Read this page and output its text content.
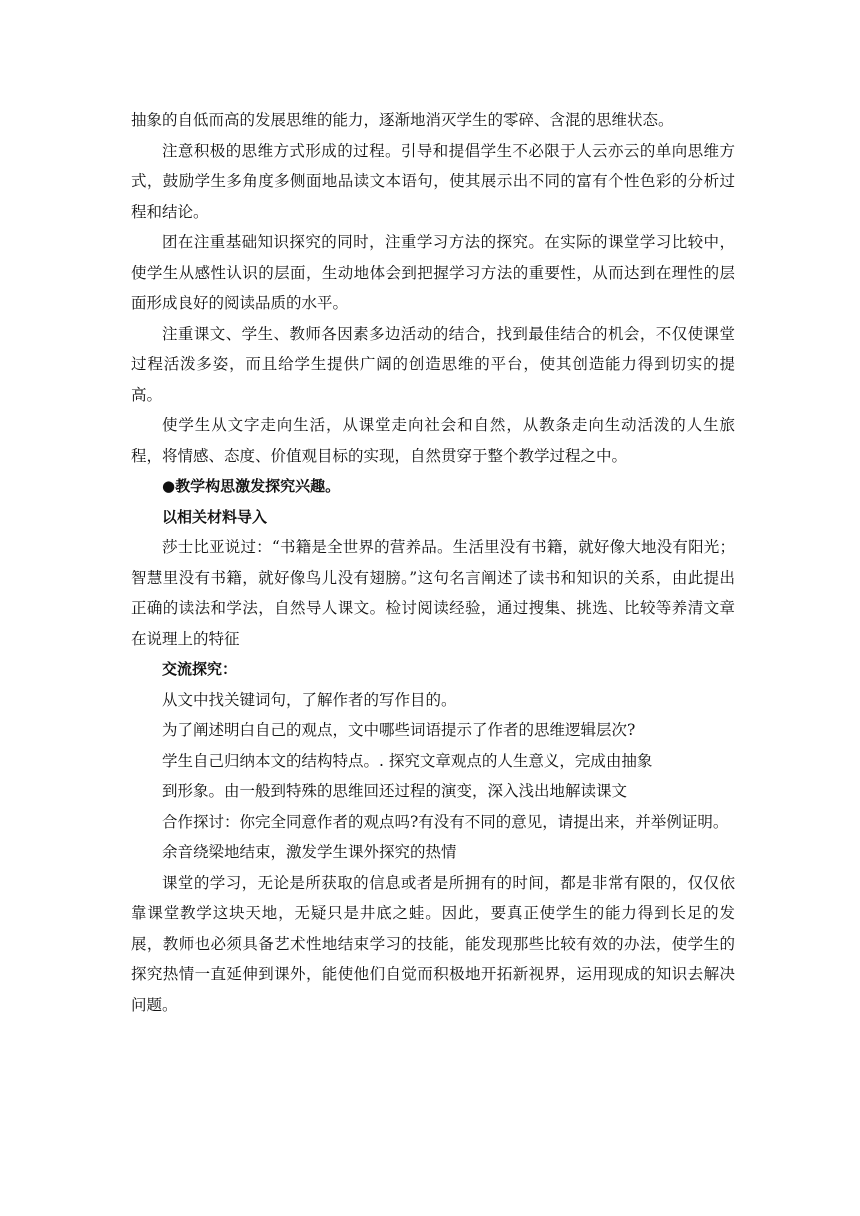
抽象的自低而高的发展思维的能力，逐渐地消灭学生的零碎、含混的思维状态。

注意积极的思维方式形成的过程。引导和提倡学生不必限于人云亦云的单向思维方式，鼓励学生多角度多侧面地品读文本语句，使其展示出不同的富有个性色彩的分析过程和结论。

团在注重基础知识探究的同时，注重学习方法的探究。在实际的课堂学习比较中，使学生从感性认识的层面，生动地体会到把握学习方法的重要性，从而达到在理性的层面形成良好的阅读品质的水平。

注重课文、学生、教师各因素多边活动的结合，找到最佳结合的机会，不仅使课堂过程活泼多姿，而且给学生提供广阔的创造思维的平台，使其创造能力得到切实的提高。

使学生从文字走向生活，从课堂走向社会和自然，从教条走向生动活泼的人生旅程，将情感、态度、价值观目标的实现，自然贯穿于整个教学过程之中。

●教学构思激发探究兴趣。

以相关材料导入

莎士比亚说过：“书籍是全世界的营养品。生活里没有书籍，就好像大地没有阳光；智慧里没有书籍，就好像鸟儿没有翅膀。”这句名言阐述了读书和知识的关系，由此提出正确的读法和学法，自然导人课文。检讨阅读经验，通过搜集、挑选、比较等养清文章在说理上的特征

交流探究：

从文中找关键词句，了解作者的写作目的。

为了阐述明白自己的观点，文中哪些词语提示了作者的思维逻辑层次?

学生自己归纳本文的结构特点。. 探究文章观点的人生意义，完成由抽象

到形象。由一般到特殊的思维回还过程的演变，深入浅出地解读课文

合作探讨：你完全同意作者的观点吗?有没有不同的意见，请提出来，并举例证明。

余音绕梁地结束，激发学生课外探究的热情

课堂的学习，无论是所获取的信息或者是所拥有的时间，都是非常有限的，仅仅依靠课堂教学这块天地，无疑只是井底之蛙。因此，要真正使学生的能力得到长足的发展，教师也必须具备艺术性地结束学习的技能，能发现那些比较有效的办法，使学生的探究热情一直延伸到课外，能使他们自觉而积极地开拓新视界，运用现成的知识去解决问题。
